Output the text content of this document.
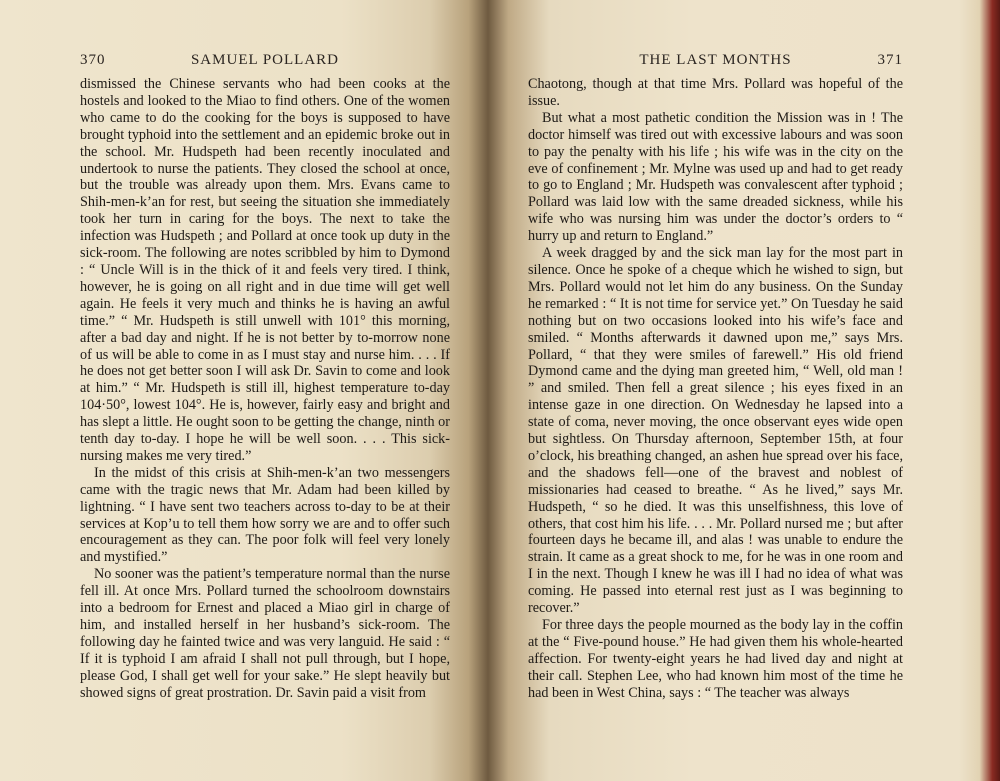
370	SAMUEL POLLARD

dismissed the Chinese servants who had been cooks at the hostels and looked to the Miao to find others. One of the women who came to do the cooking for the boys is supposed to have brought typhoid into the settlement and an epidemic broke out in the school. Mr. Hudspeth had been recently inoculated and undertook to nurse the patients. They closed the school at once, but the trouble was already upon them. Mrs. Evans came to Shih-men-k’an for rest, but seeing the situation she immediately took her turn in caring for the boys. The next to take the infection was Hudspeth ; and Pollard at once took up duty in the sick-room. The following are notes scribbled by him to Dymond : “ Uncle Will is in the thick of it and feels very tired. I think, however, he is going on all right and in due time will get well again. He feels it very much and thinks he is having an awful time.” “ Mr. Hudspeth is still unwell with 101° this morning, after a bad day and night. If he is not better by to-morrow none of us will be able to come in as I must stay and nurse him. . . . If he does not get better soon I will ask Dr. Savin to come and look at him.” “ Mr. Hudspeth is still ill, highest temperature to-day 104·50°, lowest 104°. He is, however, fairly easy and bright and has slept a little. He ought soon to be getting the change, ninth or tenth day to-day. I hope he will be well soon. . . . This sick-nursing makes me very tired.”

In the midst of this crisis at Shih-men-k’an two messengers came with the tragic news that Mr. Adam had been killed by lightning. “ I have sent two teachers across to-day to be at their services at Kop’u to tell them how sorry we are and to offer such encouragement as they can. The poor folk will feel very lonely and mystified.”

No sooner was the patient’s temperature normal than the nurse fell ill. At once Mrs. Pollard turned the schoolroom downstairs into a bedroom for Ernest and placed a Miao girl in charge of him, and installed herself in her husband’s sick-room. The following day he fainted twice and was very languid. He said : “ If it is typhoid I am afraid I shall not pull through, but I hope, please God, I shall get well for your sake.” He slept heavily but showed signs of great prostration. Dr. Savin paid a visit from

THE LAST MONTHS	371

Chaotong, though at that time Mrs. Pollard was hopeful of the issue.

But what a most pathetic condition the Mission was in ! The doctor himself was tired out with excessive labours and was soon to pay the penalty with his life ; his wife was in the city on the eve of confinement ; Mr. Mylne was used up and had to get ready to go to England ; Mr. Hudspeth was convalescent after typhoid ; Pollard was laid low with the same dreaded sickness, while his wife who was nursing him was under the doctor’s orders to “ hurry up and return to England.”

A week dragged by and the sick man lay for the most part in silence. Once he spoke of a cheque which he wished to sign, but Mrs. Pollard would not let him do any business. On the Sunday he remarked : “ It is not time for service yet.” On Tuesday he said nothing but on two occasions looked into his wife’s face and smiled. “ Months afterwards it dawned upon me,” says Mrs. Pollard, “ that they were smiles of farewell.” His old friend Dymond came and the dying man greeted him, “ Well, old man ! ” and smiled. Then fell a great silence ; his eyes fixed in an intense gaze in one direction. On Wednesday he lapsed into a state of coma, never moving, the once observant eyes wide open but sightless. On Thursday afternoon, September 15th, at four o’clock, his breathing changed, an ashen hue spread over his face, and the shadows fell—one of the bravest and noblest of missionaries had ceased to breathe. “ As he lived,” says Mr. Hudspeth, “ so he died. It was this unselfishness, this love of others, that cost him his life. . . . Mr. Pollard nursed me ; but after fourteen days he became ill, and alas ! was unable to endure the strain. It came as a great shock to me, for he was in one room and I in the next. Though I knew he was ill I had no idea of what was coming. He passed into eternal rest just as I was beginning to recover.”

For three days the people mourned as the body lay in the coffin at the “ Five-pound house.” He had given them his whole-hearted affection. For twenty-eight years he had lived day and night at their call. Stephen Lee, who had known him most of the time he had been in West China, says : “ The teacher was always
